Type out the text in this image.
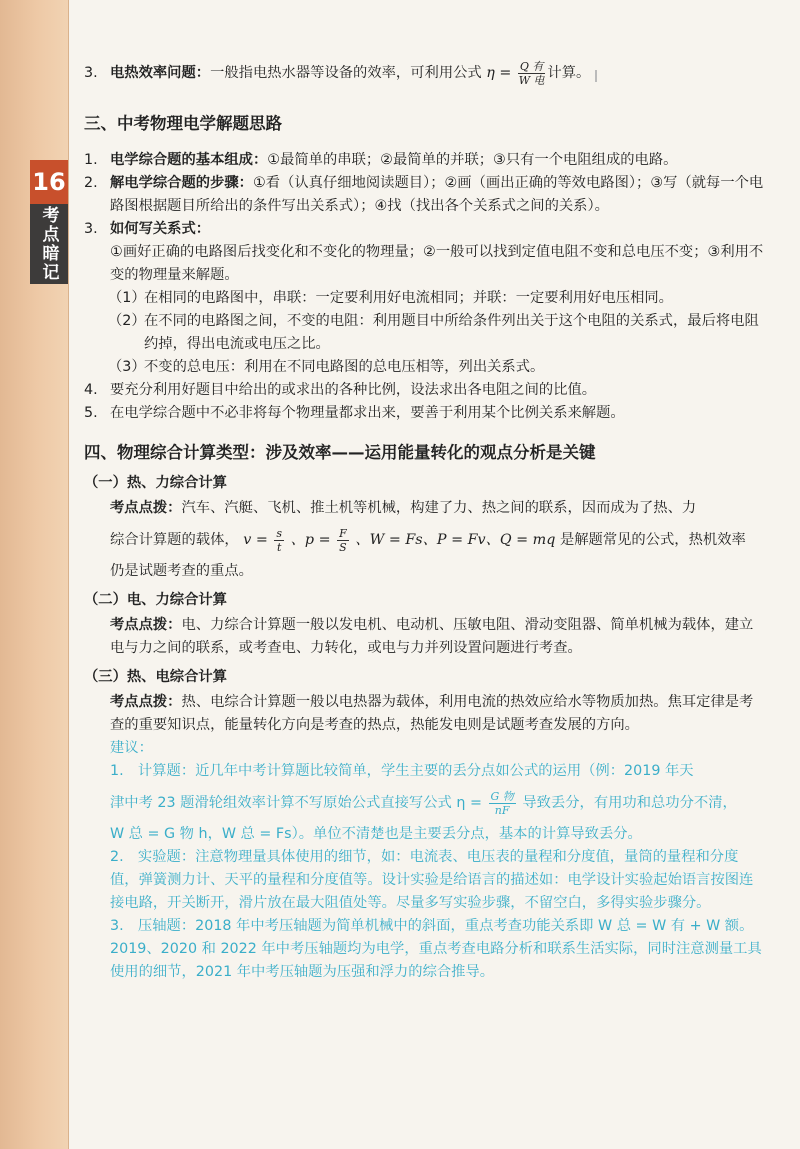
16
考点暗记
3. 电热效率问题：一般指电热水器等设备的效率，可利用公式 $\eta = \frac{\text{Q 有}}{\text{W 电}}$ 计算。
三、中考物理电学解题思路
1. 电学综合题的基本组成：①最简单的串联；②最简单的并联；③只有一个电阻组成的电路。
2. 解电学综合题的步骤：①看（认真仔细地阅读题目）；②画（画出正确的等效电路图）；③写（就每一个电路图根据题目所给出的条件写出关系式）；④找（找出各个关系式之间的关系）。
3. 如何写关系式：
①画好正确的电路图后找变化和不变化的物理量；②一般可以找到定值电阻不变和总电压不变；③利用不变的物理量来解题。
（1）
在相同的电路图中，串联：一定要利用好电流相同；并联：一定要利用好电压相同。
（2）
在不同的电路图之间，不变的电阻：利用题目中所给条件列出关于这个电阻的关系式，最后将电阻约掉，得出电流或电压之比。
（3）
不变的总电压：利用在不同电路图的总电压相等，列出关系式。
4. 要充分利用好题目中给出的或求出的各种比例，设法求出各电阻之间的比值。
5. 在电学综合题中不必非将每个物理量都求出来，要善于利用某个比例关系来解题。
四、物理综合计算类型：涉及效率——运用能量转化的观点分析是关键
（一）热、力综合计算
考点点拨：汽车、汽艇、飞机、推土机等机械，构建了力、热之间的联系，因而成为了热、力
综合计算题的载体， $v = \frac{s}{t}$ 、$p = \frac{F}{S}$ 、W = Fs、P = Fv、Q = mq 是解题常见的公式，热机效率
仍是试题考查的重点。
（二）电、力综合计算
考点点拨：电、力综合计算题一般以发电机、电动机、压敏电阻、滑动变阻器、简单机械为载体，建立电与力之间的联系，或考查电、力转化，或电与力并列设置问题进行考查。
（三）热、电综合计算
考点点拨：热、电综合计算题一般以电热器为载体，利用电流的热效应给水等物质加热。焦耳定律是考查的重要知识点，能量转化方向是考查的热点，热能发电则是试题考查发展的方向。
建议：
1.　计算题：近几年中考计算题比较简单，学生主要的丢分点如公式的运用（例：2019 年天
津中考 23 题滑轮组效率计算不写原始公式直接写公式 $\eta = \frac{\text{G 物}}{nF}$ 导致丢分，有用功和总功分不清，
W 总 = G 物 h，W 总 = Fs）。单位不清楚也是主要丢分点，基本的计算导致丢分。
2.　实验题：注意物理量具体使用的细节，如：电流表、电压表的量程和分度值，量筒的量程和分度值，弹簧测力计、天平的量程和分度值等。设计实验是给语言的描述如：电学设计实验起始语言按图连接电路，开关断开，滑片放在最大阻值处等。尽量多写实验步骤，不留空白，多得实验步骤分。
3.　压轴题：2018 年中考压轴题为简单机械中的斜面，重点考查功能关系即 W 总 = W 有 + W 额。2019、2020 和 2022 年中考压轴题均为电学，重点考查电路分析和联系生活实际，同时注意测量工具使用的细节，2021 年中考压轴题为压强和浮力的综合推导。
